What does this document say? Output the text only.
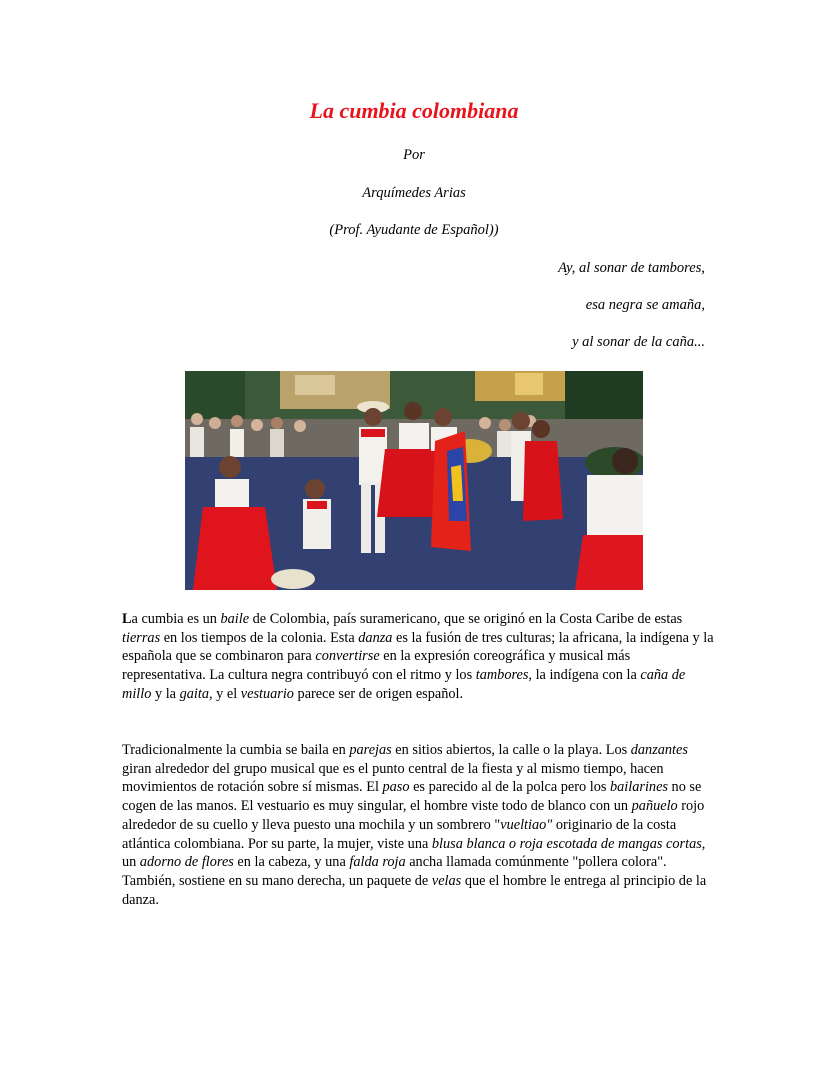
La cumbia colombiana
Por
Arquímedes Arias
(Prof. Ayudante de Español))
Ay, al sonar de tambores,
esa negra se amaña,
y al sonar de la caña...

La cumbia es un baile de Colombia, país suramericano, que se originó en la Costa Caribe de estas tierras en los tiempos de la colonia. Esta danza es la fusión de tres culturas; la africana, la indígena y la española que se combinaron para convertirse en la expresión coreográfica y musical más representativa. La cultura negra contribuyó con el ritmo y los tambores, la indígena con la caña de millo y la gaita, y el vestuario parece ser de origen español.

Tradicionalmente la cumbia se baila en parejas en sitios abiertos, la calle o la playa. Los danzantes giran alrededor del grupo musical que es el punto central de la fiesta y al mismo tiempo, hacen movimientos de rotación sobre sí mismas. El paso es parecido al de la polca pero los bailarines no se cogen de las manos. El vestuario es muy singular, el hombre viste todo de blanco con un pañuelo rojo alrededor de su cuello y lleva puesto una mochila y un sombrero "vueltiao" originario de la costa atlántica colombiana. Por su parte, la mujer, viste una blusa blanca o roja escotada de mangas cortas, un adorno de flores en la cabeza, y una falda roja ancha llamada comúnmente "pollera colora". También, sostiene en su mano derecha, un paquete de velas que el hombre le entrega al principio de la danza.
